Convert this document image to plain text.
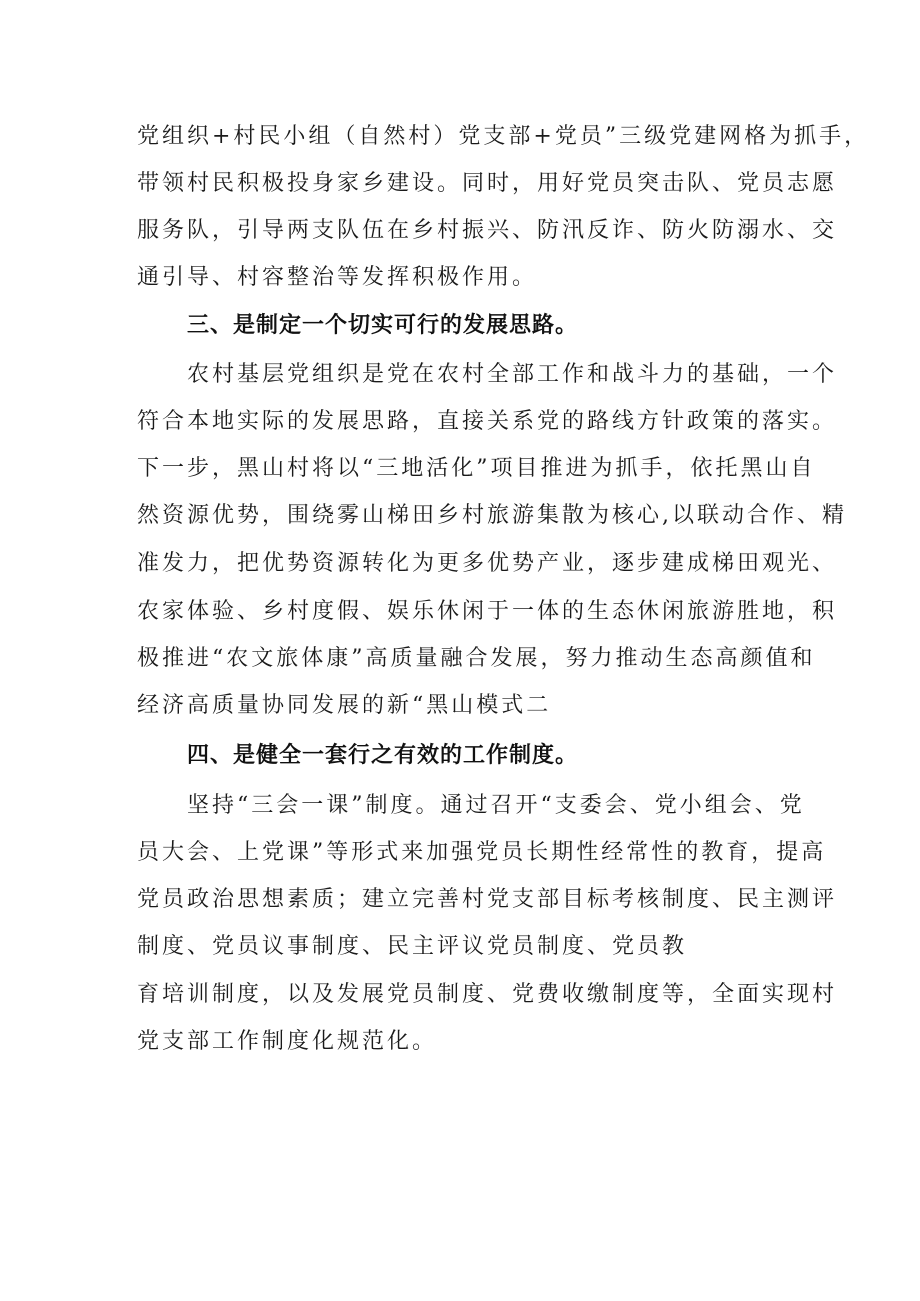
党组织+村民小组（自然村）党支部+党员”三级党建网格为抓手，
带领村民积极投身家乡建设。同时，用好党员突击队、党员志愿
服务队，引导两支队伍在乡村振兴、防汛反诈、防火防溺水、交
通引导、村容整治等发挥积极作用。
三、是制定一个切实可行的发展思路。
农村基层党组织是党在农村全部工作和战斗力的基础，一个
符合本地实际的发展思路，直接关系党的路线方针政策的落实。
下一步，黑山村将以“三地活化”项目推进为抓手，依托黑山自
然资源优势，围绕雾山梯田乡村旅游集散为核心,以联动合作、精
准发力，把优势资源转化为更多优势产业，逐步建成梯田观光、
农家体验、乡村度假、娱乐休闲于一体的生态休闲旅游胜地，积
极推进“农文旅体康”高质量融合发展，努力推动生态高颜值和
经济高质量协同发展的新“黑山模式二
四、是健全一套行之有效的工作制度。
坚持“三会一课”制度。通过召开“支委会、党小组会、党
员大会、上党课”等形式来加强党员长期性经常性的教育，提高
党员政治思想素质；建立完善村党支部目标考核制度、民主测评
制度、党员议事制度、民主评议党员制度、党员教
育培训制度，以及发展党员制度、党费收缴制度等，全面实现村
党支部工作制度化规范化。
